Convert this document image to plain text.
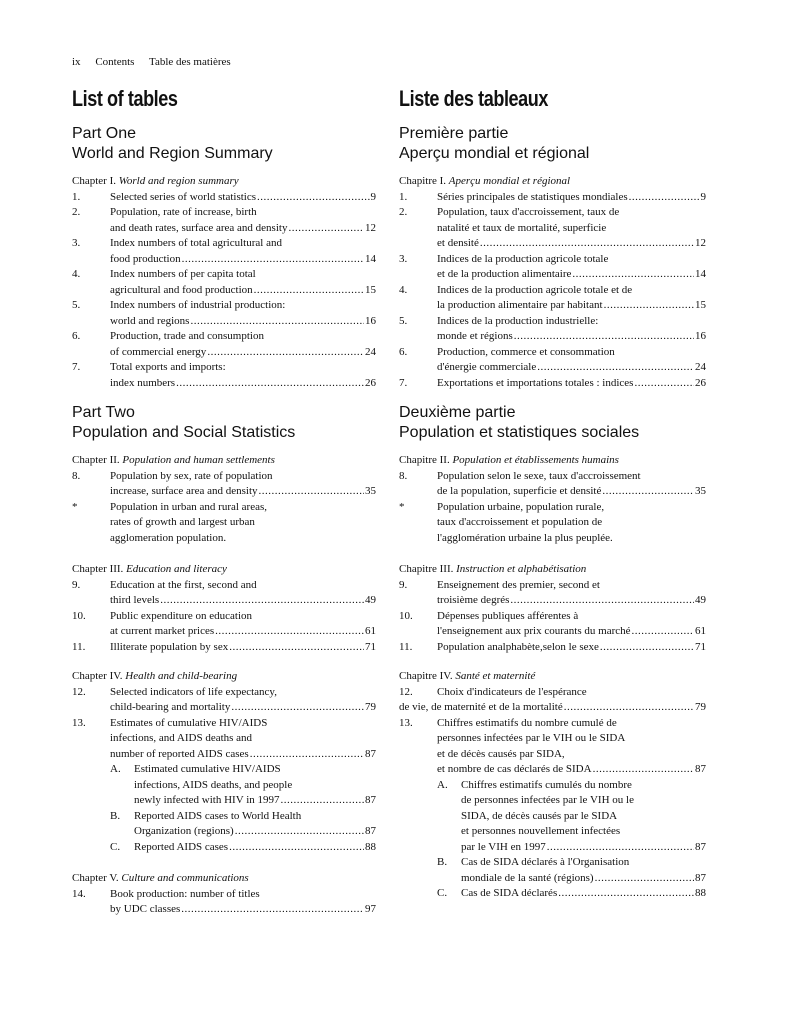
ix Contents Table des matières
List of tables
Part One
World and Region Summary
Chapter I. World and region summary
1.	Selected series of world statistics .....	9
2.	Population, rate of increase, birth
and death rates, surface area and density .....	12
3.	Index numbers of total agricultural and
food production .....	14
4.	Index numbers of per capita total
agricultural and food production .....	15
5.	Index numbers of industrial production:
world and regions .....	16
6.	Production, trade and consumption
of commercial energy .....	24
7.	Total exports and imports:
index numbers .....	26
Part Two
Population and Social Statistics
Chapter II. Population and human settlements
8.	Population by sex, rate of population
increase, surface area and density .....	35
*	Population in urban and rural areas,
rates of growth and largest urban
agglomeration population.
Chapter III. Education and literacy
9.	Education at the first, second and
third levels .....	49
10.	Public expenditure on education
at current market prices .....	61
11.	Illiterate population by sex .....	71
Chapter IV. Health and child-bearing
12.	Selected indicators of life expectancy,
child-bearing and mortality .....	79
13.	Estimates of cumulative HIV/AIDS
infections, and AIDS deaths and
number of reported AIDS cases .....	87
A.	Estimated cumulative HIV/AIDS
infections, AIDS deaths, and people
newly infected with HIV in 1997 .....	87
B.	Reported AIDS cases to World Health
Organization (regions) .....	87
C.	Reported AIDS cases .....	88
Chapter V. Culture and communications
14.	Book production: number of titles
by UDC classes .....	97
Liste des tableaux
Première partie
Aperçu mondial et régional
Chapitre I. Aperçu mondial et régional
1.	Séries principales de statistiques mondiales .....	9
2.	Population, taux d'accroissement, taux de
natalité et taux de mortalité, superficie
et densité .....	12
3.	Indices de la production agricole totale
et de la production alimentaire .....	14
4.	Indices de la production agricole totale et de
la production alimentaire par habitant .....	15
5.	Indices de la production industrielle:
monde et régions .....	16
6.	Production, commerce et consommation
d'énergie commerciale .....	24
7.	Exportations et importations totales : indices .....	26
Deuxième partie
Population et statistiques sociales
Chapitre II. Population et établissements humains
8.	Population selon le sexe, taux d'accroissement
de la population, superficie et densité .....	35
*	Population urbaine, population rurale,
taux d'accroissement et population de
l'agglomération urbaine la plus peuplée.
Chapitre III. Instruction et alphabétisation
9.	Enseignement des premier, second et
troisième degrés .....	49
10.	Dépenses publiques afférentes à
l'enseignement aux prix courants du marché .....	61
11.	Population analphabète,selon le sexe .....	71
Chapitre IV. Santé et maternité
12.	Choix d'indicateurs de l'espérance
de vie, de maternité et de la mortalité .....	79
13.	Chiffres estimatifs du nombre cumulé de
personnes infectées par le VIH ou le SIDA
et de décès causés par SIDA,
et nombre de cas déclarés de SIDA .....	87
A.	Chiffres estimatifs cumulés du nombre
de personnes infectées par le VIH ou le
SIDA, de décès causés par le SIDA
et personnes nouvellement infectées
par le VIH en 1997 .....	87
B.	Cas de SIDA déclarés à l'Organisation
mondiale de la santé (régions) .....	87
C.	Cas de SIDA déclarés .....	88
